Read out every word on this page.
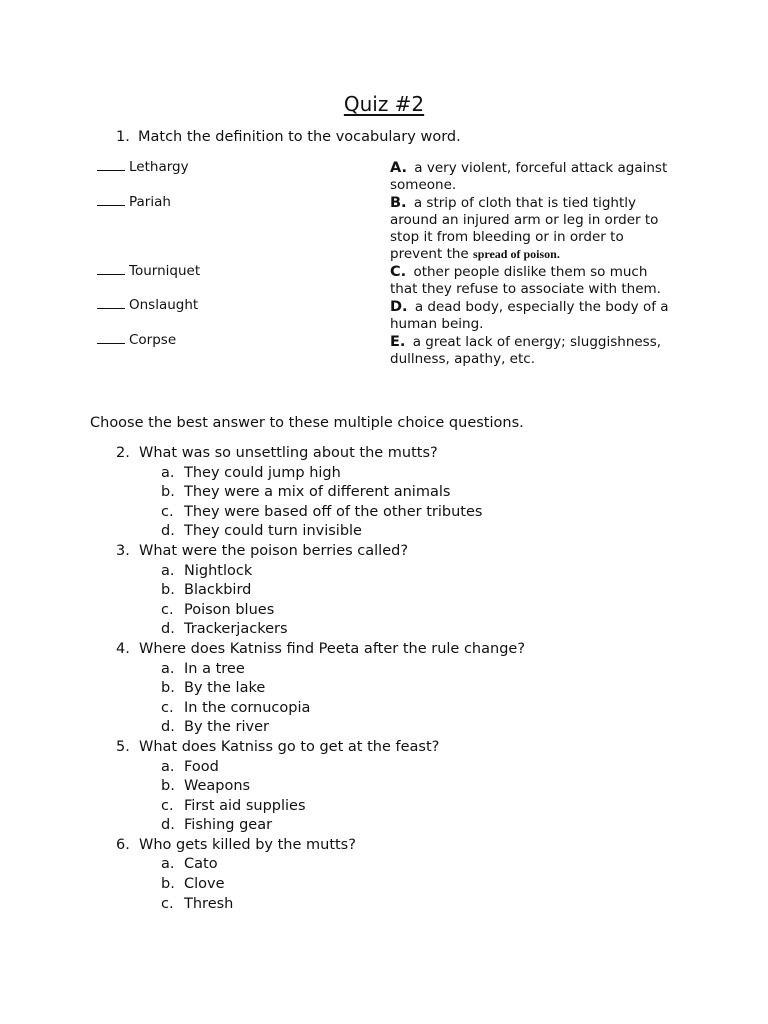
Quiz #2
1. Match the definition to the vocabulary word.
Lethargy
Pariah
Tourniquet
Onslaught
Corpse
A. a very violent, forceful attack against someone.
B. a strip of cloth that is tied tightly around an injured arm or leg in order to stop it from bleeding or in order to prevent the spread of poison.
C. other people dislike them so much that they refuse to associate with them.
D. a dead body, especially the body of a human being.
E. a great lack of energy; sluggishness, dullness, apathy, etc.
Choose the best answer to these multiple choice questions.
2. What was so unsettling about the mutts?
a. They could jump high
b. They were a mix of different animals
c. They were based off of the other tributes
d. They could turn invisible
3. What were the poison berries called?
a. Nightlock
b. Blackbird
c. Poison blues
d. Trackerjackers
4. Where does Katniss find Peeta after the rule change?
a. In a tree
b. By the lake
c. In the cornucopia
d. By the river
5. What does Katniss go to get at the feast?
a. Food
b. Weapons
c. First aid supplies
d. Fishing gear
6. Who gets killed by the mutts?
a. Cato
b. Clove
c. Thresh
